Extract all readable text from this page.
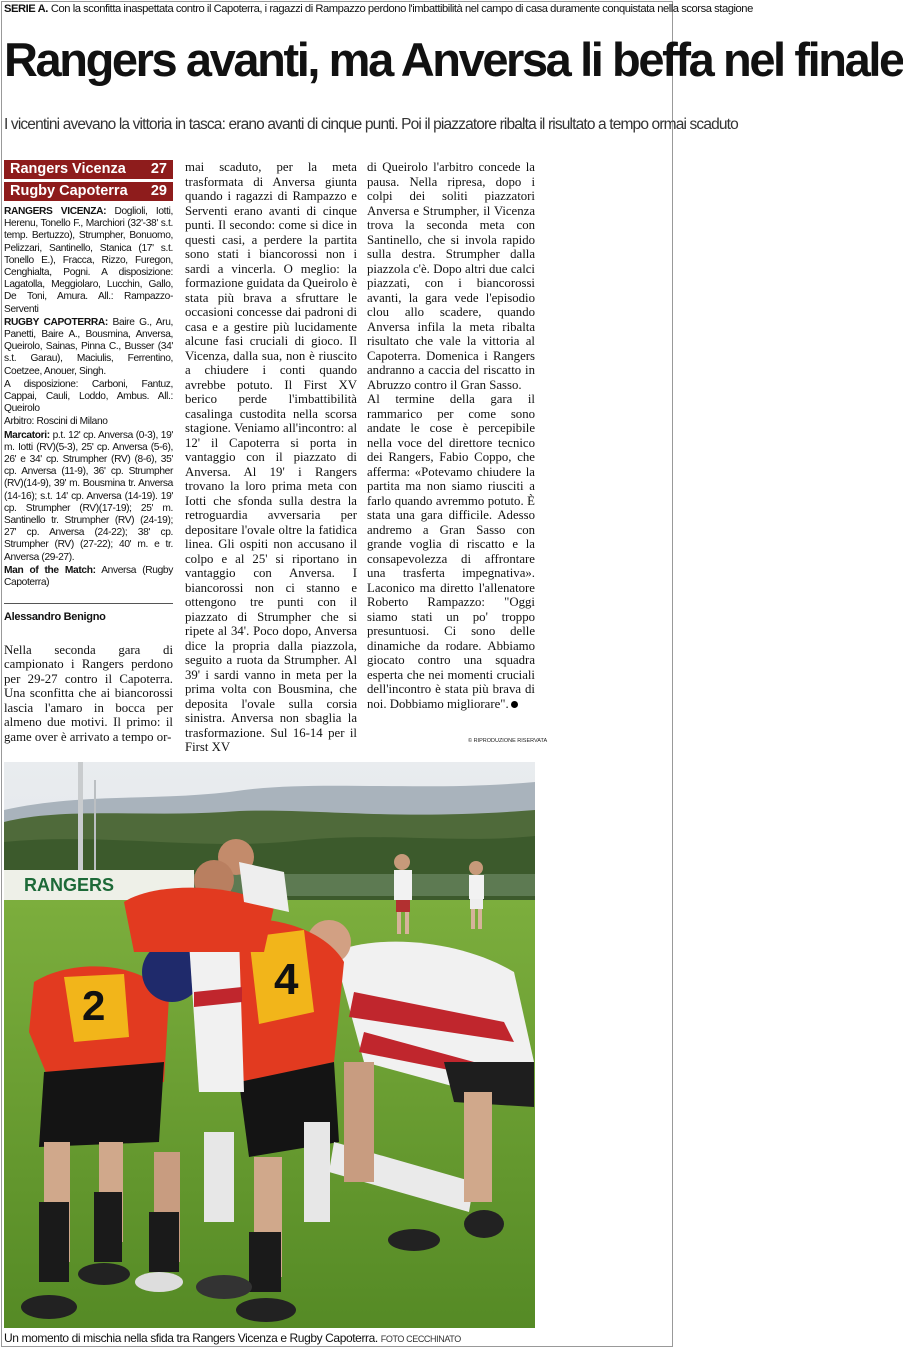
SERIE A. Con la sconfitta inaspettata contro il Capoterra, i ragazzi di Rampazzo perdono l'imbattibilità nel campo di casa duramente conquistata nella scorsa stagione
Rangers avanti, ma Anversa li beffa nel finale
I vicentini avevano la vittoria in tasca: erano avanti di cinque punti. Poi il piazzatore ribalta il risultato a tempo ormai scaduto
Rangers Vicenza 27
Rugby Capoterra 29

RANGERS VICENZA: Doglioli, Iotti, Herenu, Tonello F., Marchiori (32'-38' s.t. temp. Bertuzzo), Strumpher, Bonuomo, Pelizzari, Santinello, Stanica (17' s.t. Tonello E.), Fracca, Rizzo, Furegon, Cenghialta, Pogni. A disposizione: Lagatolla, Meggiolaro, Lucchin, Gallo, De Toni, Amura. All.: Rampazzo-Serventi

RUGBY CAPOTERRA: Baire G., Aru, Panetti, Baire A., Bousmina, Anversa, Queirolo, Sainas, Pinna C., Busser (34' s.t. Garau), Maciulis, Ferrentino, Coetzee, Anouer, Singh.

A disposizione: Carboni, Fantuz, Cappai, Cauli, Loddo, Ambus. All.: Queirolo

Arbitro: Roscini di Milano

Marcatori: p.t. 12' cp. Anversa (0-3), 19' m. Iotti (RV)(5-3), 25' cp. Anversa (5-6), 26' e 34' cp. Strumpher (RV) (8-6), 35' cp. Anversa (11-9), 36' cp. Strumpher (RV)(14-9), 39' m. Bousmina tr. Anversa (14-16); s.t. 14' cp. Anversa (14-19). 19' cp. Strumpher (RV)(17-19); 25' m. Santinello tr. Strumpher (RV) (24-19); 27' cp. Anversa (24-22); 38' cp. Strumpher (RV) (27-22); 40' m. e tr. Anversa (29-27).

Man of the Match: Anversa (Rugby Capoterra)

Alessandro Benigno

Nella seconda gara di campionato i Rangers perdono per 29-27 contro il Capoterra. Una sconfitta che ai biancorossi lascia l'amaro in bocca per almeno due motivi. Il primo: il game over è arrivato a tempo or-

mai scaduto, per la meta trasformata di Anversa giunta quando i ragazzi di Rampazzo e Serventi erano avanti di cinque punti. Il secondo: come si dice in questi casi, a perdere la partita sono stati i biancorossi non i sardi a vincerla. O meglio: la formazione guidata da Queirolo è stata più brava a sfruttare le occasioni concesse dai padroni di casa e a gestire più lucidamente alcune fasi cruciali di gioco. Il Vicenza, dalla sua, non è riuscito a chiudere i conti quando avrebbe potuto. Il First XV berico perde l'imbattibilità casalinga custodita nella scorsa stagione. Veniamo all'incontro: al 12' il Capoterra si porta in vantaggio con il piazzato di Anversa. Al 19' i Rangers trovano la loro prima meta con Iotti che sfonda sulla destra la retroguardia avversaria per depositare l'ovale oltre la fatidica linea. Gli ospiti non accusano il colpo e al 25' si riportano in vantaggio con Anversa. I biancorossi non ci stanno e ottengono tre punti con il piazzato di Strumpher che si ripete al 34'. Poco dopo, Anversa dice la propria dalla piazzola, seguito a ruota da Strumpher. Al 39' i sardi vanno in meta per la prima volta con Bousmina, che deposita l'ovale sulla corsia sinistra. Anversa non sbaglia la trasformazione. Sul 16-14 per il First XV

di Queirolo l'arbitro concede la pausa. Nella ripresa, dopo i colpi dei soliti piazzatori Anversa e Strumpher, il Vicenza trova la seconda meta con Santinello, che si invola rapido sulla destra. Strumpher dalla piazzola c'è. Dopo altri due calci piazzati, con i biancorossi avanti, la gara vede l'episodio clou allo scadere, quando Anversa infila la meta ribalta risultato che vale la vittoria al Capoterra. Domenica i Rangers andranno a caccia del riscatto in Abruzzo contro il Gran Sasso.

Al termine della gara il rammarico per come sono andate le cose è percepibile nella voce del direttore tecnico dei Rangers, Fabio Coppo, che afferma: «Potevamo chiudere la partita ma non siamo riusciti a farlo quando avremmo potuto. È stata una gara difficile. Adesso andremo a Gran Sasso con grande voglia di riscatto e la consapevolezza di affrontare una trasferta impegnativa». Laconico ma diretto l'allenatore Roberto Rampazzo: "Oggi siamo stati un po' troppo presuntuosi. Ci sono delle dinamiche da rodare. Abbiamo giocato contro una squadra esperta che nei momenti cruciali dell'incontro è stata più brava di noi. Dobbiamo migliorare".

© RIPRODUZIONE RISERVATA
RANGERS
4
2
Un momento di mischia nella sfida tra Rangers Vicenza e Rugby Capoterra. FOTO CECCHINATO
